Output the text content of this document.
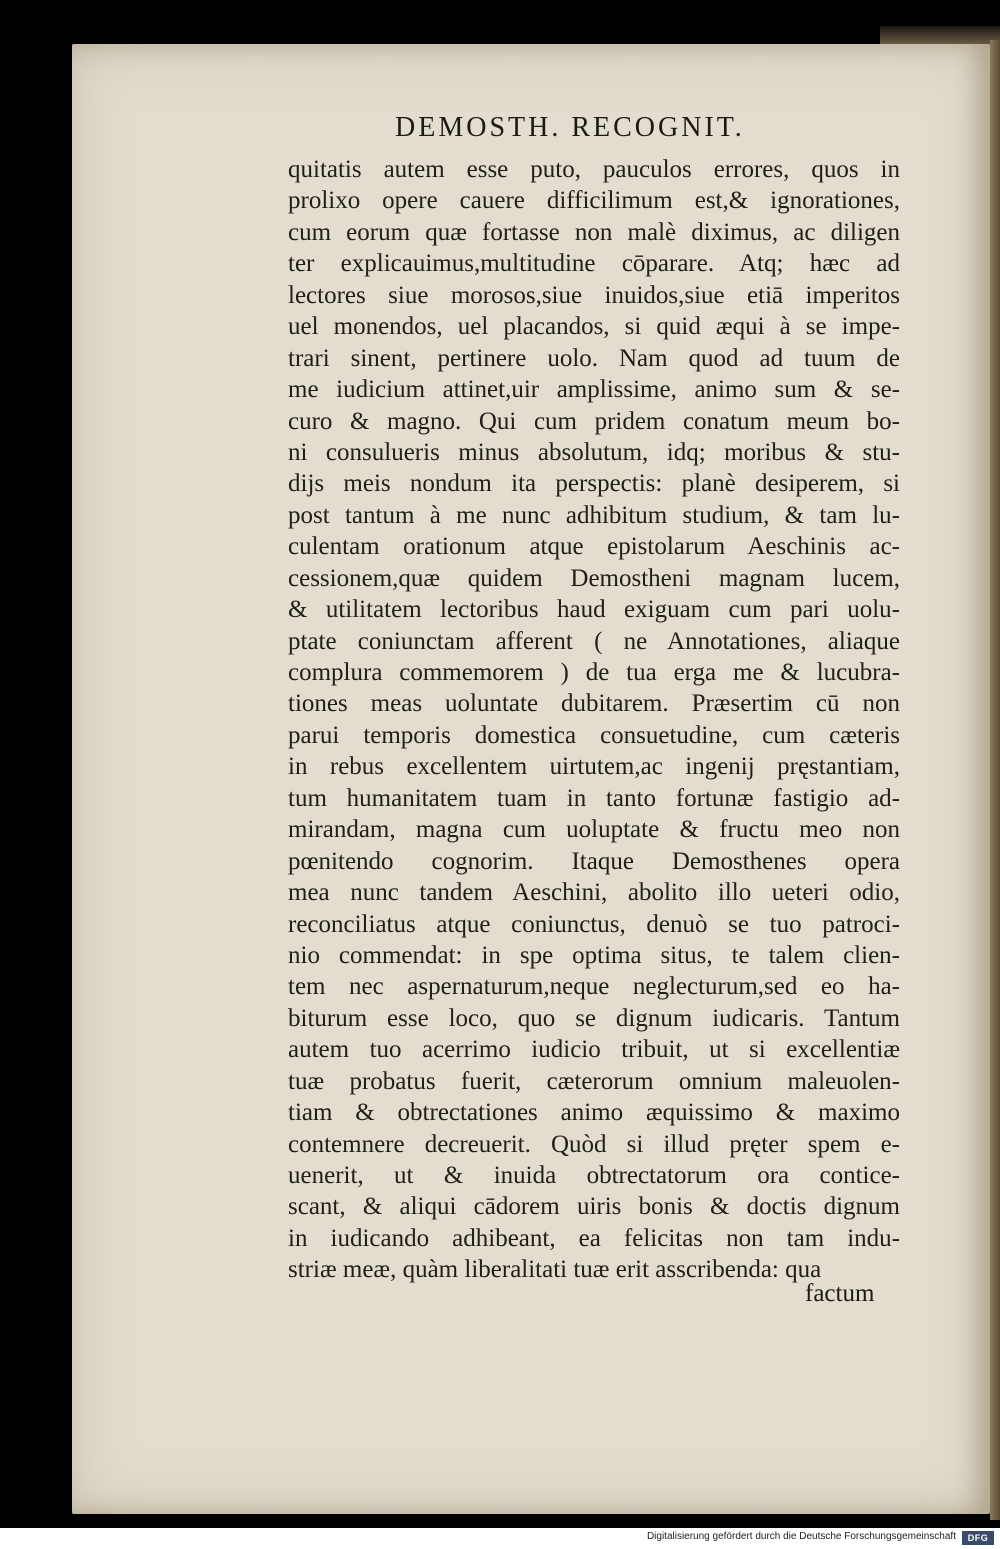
DEMOSTH. RECOGNIT.
quitatis autem esse puto, pauculos errores, quos in
prolixo opere cauere difficilimum est,& ignorationes,
cum eorum quæ fortasse non malè diximus, ac diligen
ter explicauimus,multitudine cōparare. Atq; hæc ad
lectores siue morosos,siue inuidos,siue etiā imperitos
uel monendos, uel placandos, si quid æqui à se impe-
trari sinent, pertinere uolo. Nam quod ad tuum de
me iudicium attinet,uir amplissime, animo sum & se-
curo & magno. Qui cum pridem conatum meum bo-
ni consulueris minus absolutum, idq; moribus & stu-
dijs meis nondum ita perspectis: planè desiperem, si
post tantum à me nunc adhibitum studium, & tam lu-
culentam orationum atque epistolarum Aeschinis ac-
cessionem,quæ quidem Demostheni magnam lucem,
& utilitatem lectoribus haud exiguam cum pari uolu-
ptate coniunctam afferent ( ne Annotationes, aliaque
complura commemorem ) de tua erga me & lucubra-
tiones meas uoluntate dubitarem. Præsertim cū non
parui temporis domestica consuetudine, cum cæteris
in rebus excellentem uirtutem,ac ingenij pręstantiam,
tum humanitatem tuam in tanto fortunæ fastigio ad-
mirandam, magna cum uoluptate & fructu meo non
pœnitendo cognorim. Itaque Demosthenes opera
mea nunc tandem Aeschini, abolito illo ueteri odio,
reconciliatus atque coniunctus, denuò se tuo patroci-
nio commendat: in spe optima situs, te talem clien-
tem nec aspernaturum,neque neglecturum,sed eo ha-
biturum esse loco, quo se dignum iudicaris. Tantum
autem tuo acerrimo iudicio tribuit, ut si excellentiæ
tuæ probatus fuerit, cæterorum omnium maleuolen-
tiam & obtrectationes animo æquissimo & maximo
contemnere decreuerit. Quòd si illud pręter spem e-
uenerit, ut & inuida obtrectatorum ora contice-
scant, & aliqui cādorem uiris bonis & doctis dignum
in iudicando adhibeant, ea felicitas non tam indu-
striæ meæ, quàm liberalitati tuæ erit asscribenda: qua
factum
Digitalisierung gefördert durch die Deutsche Forschungsgemeinschaft	DFG
